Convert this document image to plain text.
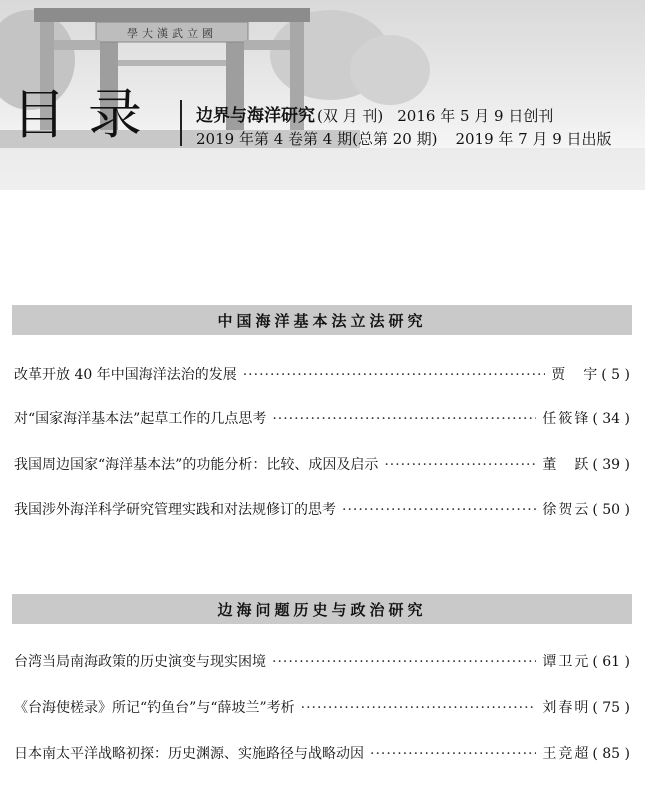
學大漢武立國
目录 边界与海洋研究 (双 月 刊) 2016 年 5 月 9 日创刊
2019 年第 4 卷第 4 期(总第 20 期) 2019 年 7 月 9 日出版
中国海洋基本法立法研究
改革开放 40 年中国海洋法治的发展 ·····	贾　宇 ( 5 )
对“国家海洋基本法”起草工作的几点思考 ·····	任筱锋 ( 34 )
我国周边国家“海洋基本法”的功能分析：比较、成因及启示 ·····	董　跃 ( 39 )
我国涉外海洋科学研究管理实践和对法规修订的思考 ·····	徐贺云 ( 50 )
边海问题历史与政治研究
台湾当局南海政策的历史演变与现实困境 ·····	谭卫元 ( 61 )
《台海使槎录》所记“钓鱼台”与“薛坡兰”考析 ·····	刘春明 ( 75 )
日本南太平洋战略初探：历史渊源、实施路径与战略动因 ·····	王竞超 ( 85 )
